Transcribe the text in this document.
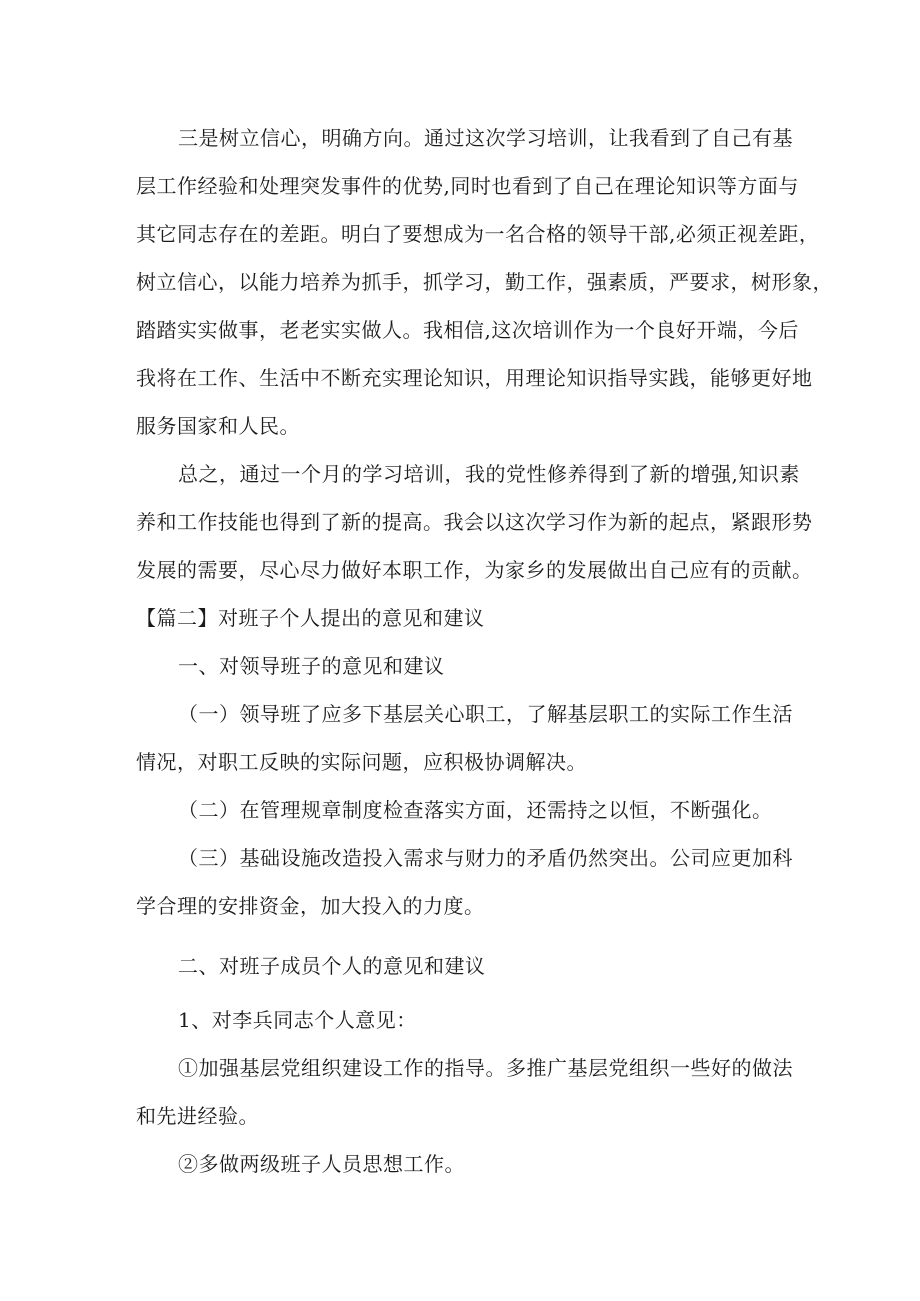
三是树立信心，明确方向。通过这次学习培训，让我看到了自己有基
层工作经验和处理突发事件的优势,同时也看到了自己在理论知识等方面与
其它同志存在的差距。明白了要想成为一名合格的领导干部,必须正视差距，
树立信心，以能力培养为抓手，抓学习，勤工作，强素质，严要求，树形象，
踏踏实实做事，老老实实做人。我相信,这次培训作为一个良好开端，今后
我将在工作、生活中不断充实理论知识，用理论知识指导实践，能够更好地
服务国家和人民。
总之，通过一个月的学习培训，我的党性修养得到了新的增强,知识素
养和工作技能也得到了新的提高。我会以这次学习作为新的起点，紧跟形势
发展的需要，尽心尽力做好本职工作，为家乡的发展做出自己应有的贡献。
【篇二】对班子个人提出的意见和建议
一、对领导班子的意见和建议
（一）领导班了应多下基层关心职工，了解基层职工的实际工作生活
情况，对职工反映的实际问题，应积极协调解决。
（二）在管理规章制度检查落实方面，还需持之以恒，不断强化。
（三）基础设施改造投入需求与财力的矛盾仍然突出。公司应更加科
学合理的安排资金，加大投入的力度。
二、对班子成员个人的意见和建议
1、对李兵同志个人意见：
①加强基层党组织建设工作的指导。多推广基层党组织一些好的做法
和先进经验。
②多做两级班子人员思想工作。
